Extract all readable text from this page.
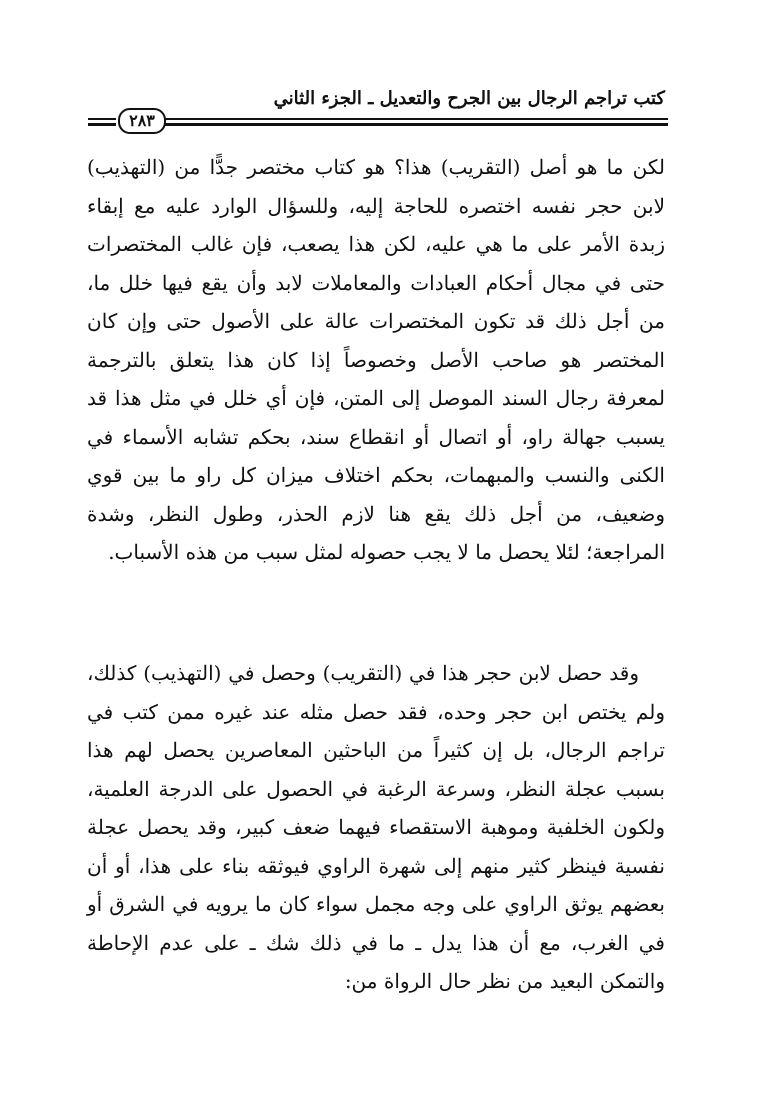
كتب تراجم الرجال بين الجرح والتعديل ـ الجزء الثاني
٢٨٣

لكن ما هو أصل (التقريب) هذا؟ هو كتاب مختصر جدًّا من (التهذيب) لابن حجر نفسه اختصره للحاجة إليه، وللسؤال الوارد عليه مع إبقاء زبدة الأمر على ما هي عليه، لكن هذا يصعب، فإن غالب المختصرات حتى في مجال أحكام العبادات والمعاملات لابد وأن يقع فيها خلل ما، من أجل ذلك قد تكون المختصرات عالة على الأصول حتى وإن كان المختصر هو صاحب الأصل وخصوصاً إذا كان هذا يتعلق بالترجمة لمعرفة رجال السند الموصل إلى المتن، فإن أي خلل في مثل هذا قد يسبب جهالة راو، أو اتصال أو انقطاع سند، بحكم تشابه الأسماء في الكنى والنسب والمبهمات، بحكم اختلاف ميزان كل راو ما بين قوي وضعيف، من أجل ذلك يقع هنا لازم الحذر، وطول النظر، وشدة المراجعة؛ لئلا يحصل ما لا يجب حصوله لمثل سبب من هذه الأسباب.

وقد حصل لابن حجر هذا في (التقريب) وحصل في (التهذيب) كذلك، ولم يختص ابن حجر وحده، فقد حصل مثله عند غيره ممن كتب في تراجم الرجال، بل إن كثيراً من الباحثين المعاصرين يحصل لهم هذا بسبب عجلة النظر، وسرعة الرغبة في الحصول على الدرجة العلمية، ولكون الخلفية وموهبة الاستقصاء فيهما ضعف كبير، وقد يحصل عجلة نفسية فينظر كثير منهم إلى شهرة الراوي فيوثقه بناء على هذا، أو أن بعضهم يوثق الراوي على وجه مجمل سواء كان ما يرويه في الشرق أو في الغرب، مع أن هذا يدل ـ ما في ذلك شك ـ على عدم الإحاطة والتمكن البعيد من نظر حال الرواة من:
